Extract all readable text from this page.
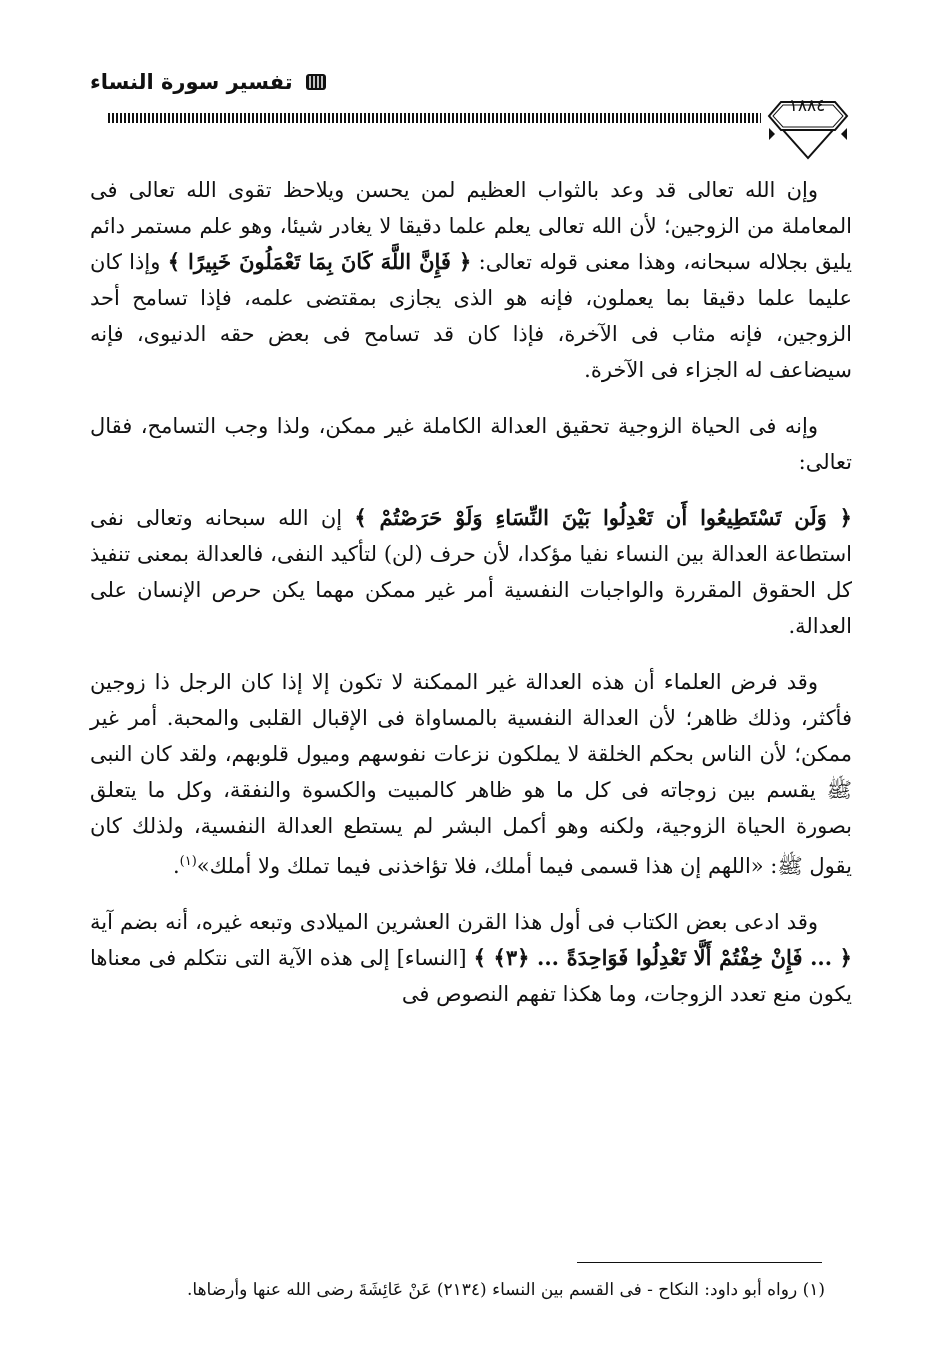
تفسير سورة النساء
١٨٨٤

وإن الله تعالى قد وعد بالثواب العظيم لمن يحسن ويلاحظ تقوى الله تعالى فى المعاملة من الزوجين؛ لأن الله تعالى يعلم علما دقيقا لا يغادر شيئا، وهو علم مستمر دائم يليق بجلاله سبحانه، وهذا معنى قوله تعالى: ﴿ فَإِنَّ اللَّهَ كَانَ بِمَا تَعْمَلُونَ خَبِيرًا ﴾ وإذا كان عليما علما دقيقا بما يعملون، فإنه هو الذى يجازى بمقتضى علمه، فإذا تسامح أحد الزوجين، فإنه مثاب فى الآخرة، فإذا كان قد تسامح فى بعض حقه الدنيوى، فإنه سيضاعف له الجزاء فى الآخرة.

وإنه فى الحياة الزوجية تحقيق العدالة الكاملة غير ممكن، ولذا وجب التسامح، فقال تعالى:

﴿ وَلَن تَسْتَطِيعُوا أَن تَعْدِلُوا بَيْنَ النِّسَاءِ وَلَوْ حَرَصْتُمْ ﴾ إن الله سبحانه وتعالى نفى استطاعة العدالة بين النساء نفيا مؤكدا، لأن حرف (لن) لتأكيد النفى، فالعدالة بمعنى تنفيذ كل الحقوق المقررة والواجبات النفسية أمر غير ممكن مهما يكن حرص الإنسان على العدالة.

وقد فرض العلماء أن هذه العدالة غير الممكنة لا تكون إلا إذا كان الرجل ذا زوجين فأكثر، وذلك ظاهر؛ لأن العدالة النفسية بالمساواة فى الإقبال القلبى والمحبة. أمر غير ممكن؛ لأن الناس بحكم الخلقة لا يملكون نزعات نفوسهم وميول قلوبهم، ولقد كان النبى ﷺ يقسم بين زوجاته فى كل ما هو ظاهر كالمبيت والكسوة والنفقة، وكل ما يتعلق بصورة الحياة الزوجية، ولكنه وهو أكمل البشر لم يستطع العدالة النفسية، ولذلك كان يقول ﷺ: «اللهم إن هذا قسمى فيما أملك، فلا تؤاخذنى فيما تملك ولا أملك»$^{(١)}$.

وقد ادعى بعض الكتاب فى أول هذا القرن العشرين الميلادى وتبعه غيره، أنه بضم آية ﴿ ... فَإِنْ خِفْتُمْ أَلَّا تَعْدِلُوا فَوَاحِدَةً ... ﴿٣﴾ ﴾ [النساء] إلى هذه الآية التى نتكلم فى معناها يكون منع تعدد الزوجات، وما هكذا تفهم النصوص فى

(١) رواه أبو داود: النكاح - فى القسم بين النساء (٢١٣٤) عَنْ عَائِشَةَ رضى الله عنها وأرضاها.
